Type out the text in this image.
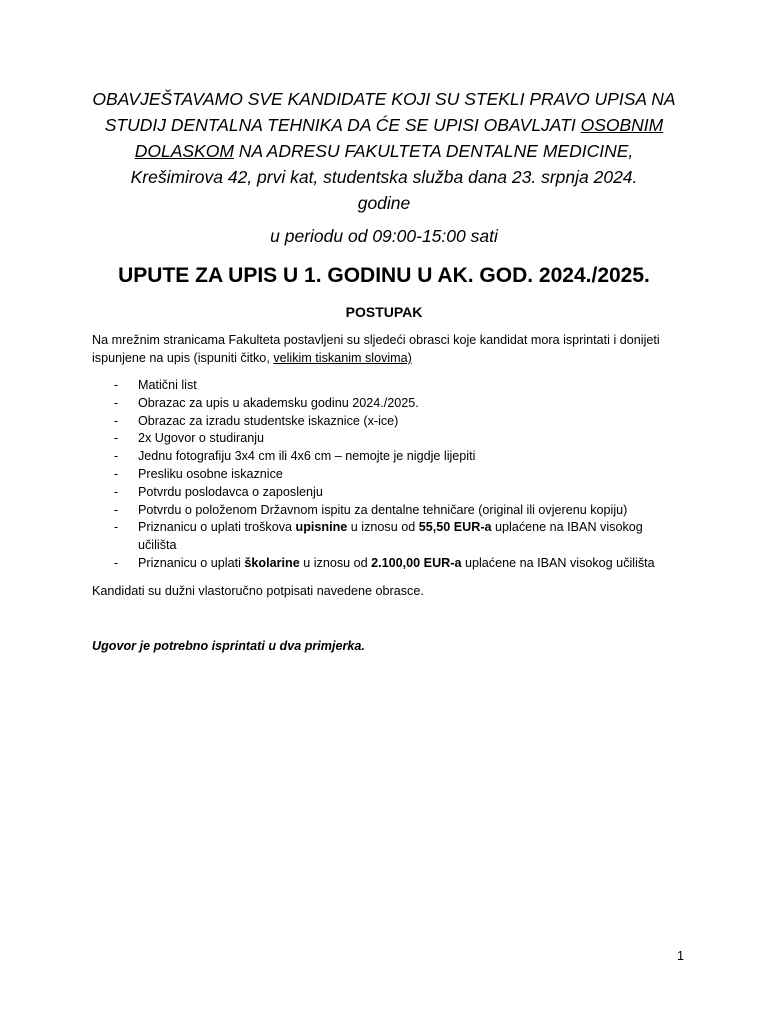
OBAVJEŠTAVAMO SVE KANDIDATE KOJI SU STEKLI PRAVO UPISA NA
STUDIJ DENTALNA TEHNIKA DA ĆE SE UPISI OBAVLJATI OSOBNIM
DOLASKOM NA ADRESU FAKULTETA DENTALNE MEDICINE,
Krešimirova 42, prvi kat, studentska služba dana 23. srpnja 2024.
godine
u periodu od 09:00-15:00 sati
UPUTE ZA UPIS U 1. GODINU U AK. GOD. 2024./2025.
POSTUPAK
Na mrežnim stranicama Fakulteta postavljeni su sljedeći obrasci koje kandidat mora isprintati i donijeti ispunjene na upis (ispuniti čitko, velikim tiskanim slovima)
- Matični list
- Obrazac za upis u akademsku godinu 2024./2025.
- Obrazac za izradu studentske iskaznice (x-ice)
- 2x Ugovor o studiranju
- Jednu fotografiju 3x4 cm ili 4x6 cm – nemojte je nigdje lijepiti
- Presliku osobne iskaznice
- Potvrdu poslodavca o zaposlenju
- Potvrdu o položenom Državnom ispitu za dentalne tehničare (original ili ovjerenu kopiju)
- Priznanicu o uplati troškova upisnine u iznosu od 55,50 EUR-a uplaćene na IBAN visokog učilišta
- Priznanicu o uplati školarine u iznosu od 2.100,00 EUR-a uplaćene na IBAN visokog učilišta
Kandidati su dužni vlastoručno potpisati navedene obrasce.
Ugovor je potrebno isprintati u dva primjerka.
1
